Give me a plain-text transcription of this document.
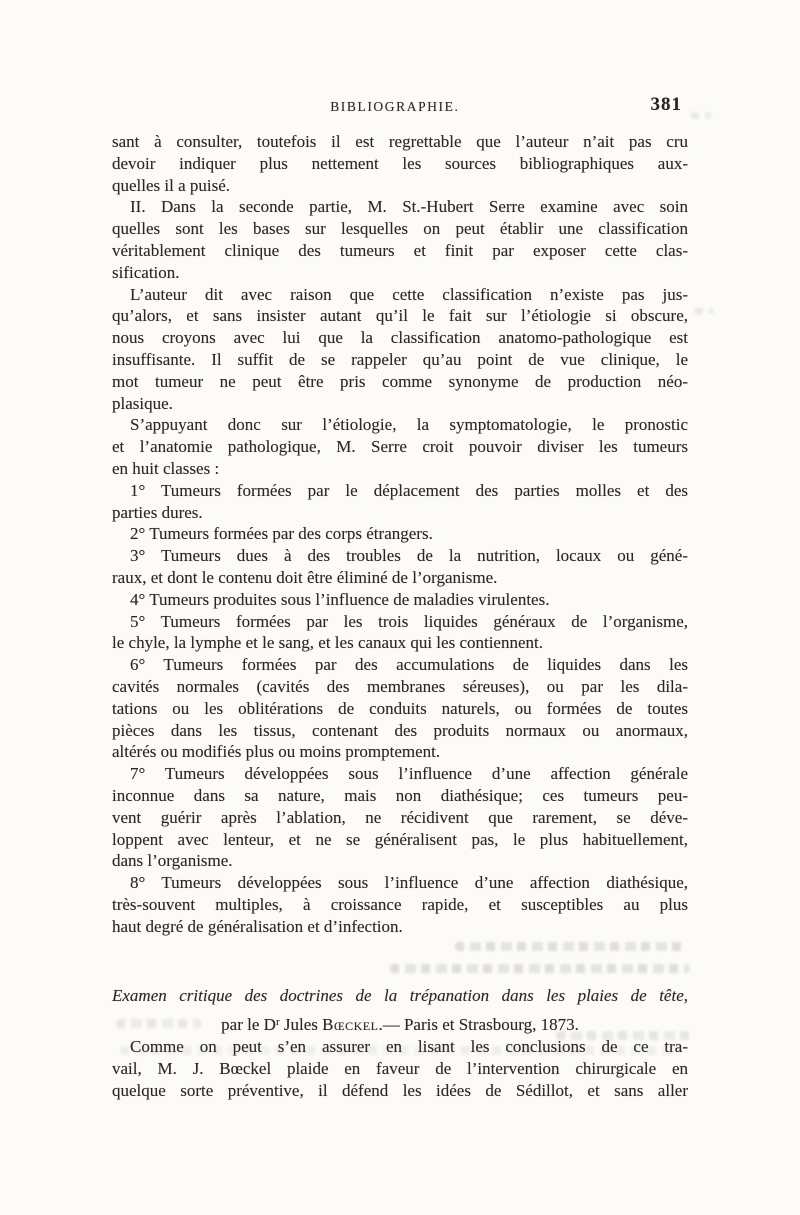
BIBLIOGRAPHIE.	381

sant à consulter, toutefois il est regrettable que l’auteur n’ait pas cru
devoir indiquer plus nettement les sources bibliographiques aux-
quelles il a puisé.

II. Dans la seconde partie, M. St.-Hubert Serre examine avec soin
quelles sont les bases sur lesquelles on peut établir une classification
véritablement clinique des tumeurs et finit par exposer cette clas-
sification.

L’auteur dit avec raison que cette classification n’existe pas jus-
qu’alors, et sans insister autant qu’il le fait sur l’étiologie si obscure,
nous croyons avec lui que la classification anatomo-pathologique est
insuffisante. Il suffit de se rappeler qu’au point de vue clinique, le
mot tumeur ne peut être pris comme synonyme de production néo-
plasique.

S’appuyant donc sur l’étiologie, la symptomatologie, le pronostic
et l’anatomie pathologique, M. Serre croit pouvoir diviser les tumeurs
en huit classes :

1° Tumeurs formées par le déplacement des parties molles et des
parties dures.

2° Tumeurs formées par des corps étrangers.

3° Tumeurs dues à des troubles de la nutrition, locaux ou géné-
raux, et dont le contenu doit être éliminé de l’organisme.

4° Tumeurs produites sous l’influence de maladies virulentes.

5° Tumeurs formées par les trois liquides généraux de l’organisme,
le chyle, la lymphe et le sang, et les canaux qui les contiennent.

6° Tumeurs formées par des accumulations de liquides dans les
cavités normales (cavités des membranes séreuses), ou par les dila-
tations ou les oblitérations de conduits naturels, ou formées de toutes
pièces dans les tissus, contenant des produits normaux ou anormaux,
altérés ou modifiés plus ou moins promptement.

7° Tumeurs développées sous l’influence d’une affection générale
inconnue dans sa nature, mais non diathésique; ces tumeurs peu-
vent guérir après l’ablation, ne récidivent que rarement, se déve-
loppent avec lenteur, et ne se généralisent pas, le plus habituellement,
dans l’organisme.

8° Tumeurs développées sous l’influence d’une affection diathésique,
très-souvent multiples, à croissance rapide, et susceptibles au plus
haut degré de généralisation et d’infection.

Examen critique des doctrines de la trépanation dans les plaies de tête,
par le $D^r$ Jules Bœckel.— Paris et Strasbourg, 1873.

Comme on peut s’en assurer en lisant les conclusions de ce tra-
vail, M. J. Bœckel plaide en faveur de l’intervention chirurgicale en
quelque sorte préventive, il défend les idées de Sédillot, et sans aller
